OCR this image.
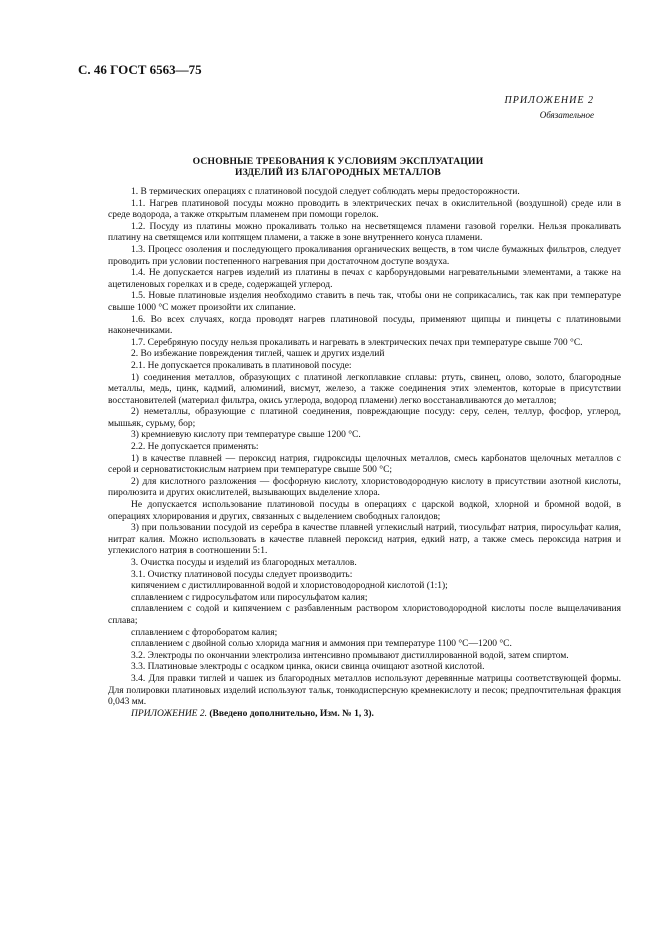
С. 46 ГОСТ 6563—75
ПРИЛОЖЕНИЕ 2
Обязательное
ОСНОВНЫЕ ТРЕБОВАНИЯ К УСЛОВИЯМ ЭКСПЛУАТАЦИИ
ИЗДЕЛИЙ ИЗ БЛАГОРОДНЫХ МЕТАЛЛОВ

1. В термических операциях с платиновой посудой следует соблюдать меры предосторожности.

1.1. Нагрев платиновой посуды можно проводить в электрических печах в окислительной (воздушной) среде или в среде водорода, а также открытым пламенем при помощи горелок.

1.2. Посуду из платины можно прокаливать только на несветящемся пламени газовой горелки. Нельзя прокаливать платину на светящемся или коптящем пламени, а также в зоне внутреннего конуса пламени.

1.3. Процесс озоления и последующего прокаливания органических веществ, в том числе бумажных фильтров, следует проводить при условии постепенного нагревания при достаточном доступе воздуха.

1.4. Не допускается нагрев изделий из платины в печах с карборундовыми нагревательными элементами, а также на ацетиленовых горелках и в среде, содержащей углерод.

1.5. Новые платиновые изделия необходимо ставить в печь так, чтобы они не соприкасались, так как при температуре свыше 1000 °С может произойти их слипание.

1.6. Во всех случаях, когда проводят нагрев платиновой посуды, применяют щипцы и пинцеты с платиновыми наконечниками.

1.7. Серебряную посуду нельзя прокаливать и нагревать в электрических печах при температуре свыше 700 °С.

2. Во избежание повреждения тиглей, чашек и других изделий

2.1. Не допускается прокаливать в платиновой посуде:

1) соединения металлов, образующих с платиной легкоплавкие сплавы: ртуть, свинец, олово, золото, благородные металлы, медь, цинк, кадмий, алюминий, висмут, железо, а также соединения этих элементов, которые в присутствии восстановителей (материал фильтра, окись углерода, водород пламени) легко восстанавливаются до металлов;

2) неметаллы, образующие с платиной соединения, повреждающие посуду: серу, селен, теллур, фосфор, углерод, мышьяк, сурьму, бор;

3) кремниевую кислоту при температуре свыше 1200 °С.

2.2. Не допускается применять:

1) в качестве плавней — пероксид натрия, гидроксиды щелочных металлов, смесь карбонатов щелочных металлов с серой и сернoватистокислым натрием при температуре свыше 500 °С;

2) для кислотного разложения — фосфорную кислоту, хлористоводородную кислоту в присутствии азотной кислоты, пиролюзита и других окислителей, вызывающих выделение хлора.

Не допускается использование платиновой посуды в операциях с царской водкой, хлорной и бромной водой, в операциях хлорирования и других, связанных с выделением свободных галоидов;

3) при пользовании посудой из серебра в качестве плавней углекислый натрий, тиосульфат натрия, пиросульфат калия, нитрат калия. Можно использовать в качестве плавней пероксид натрия, едкий натр, а также смесь пероксида натрия и углекислого натрия в соотношении 5:1.

3. Очистка посуды и изделий из благородных металлов.

3.1. Очистку платиновой посуды следует производить:

кипячением с дистиллированной водой и хлористоводородной кислотой (1:1);

сплавлением с гидросульфатом или пиросульфатом калия;

сплавлением с содой и кипячением с разбавленным раствором хлористоводородной кислоты после выщелачивания сплава;

сплавлением с фтороборатом калия;

сплавлением с двойной солью хлорида магния и аммония при температуре 1100 °С—1200 °С.

3.2. Электроды по окончании электролиза интенсивно промывают дистиллированной водой, затем спиртом.

3.3. Платиновые электроды с осадком цинка, окиси свинца очищают азотной кислотой.

3.4. Для правки тиглей и чашек из благородных металлов используют деревянные матрицы соответствующей формы. Для полировки платиновых изделий используют тальк, тонкодисперсную кремнекислоту и песок; предпочтительная фракция 0,043 мм.

ПРИЛОЖЕНИЕ 2. (Введено дополнительно, Изм. № 1, 3).
